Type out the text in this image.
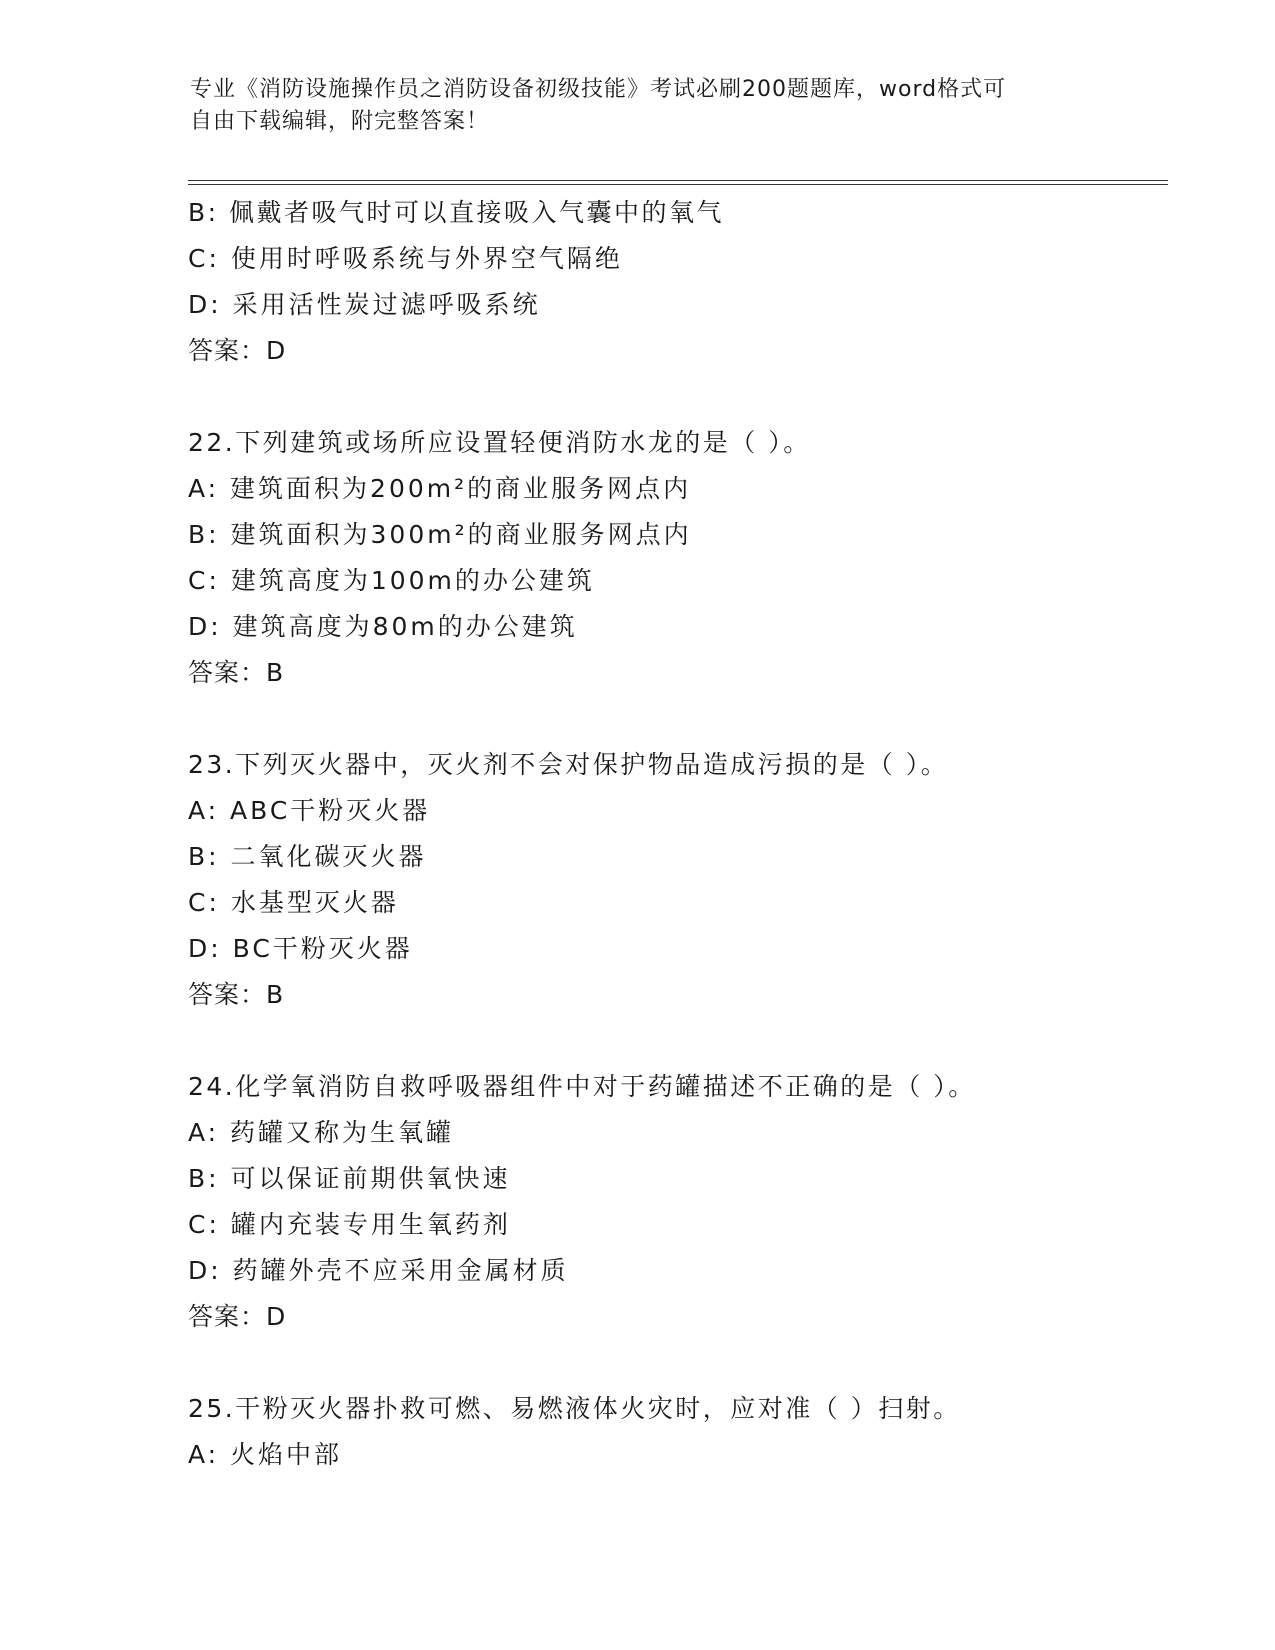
专业《消防设施操作员之消防设备初级技能》考试必刷200题题库，word格式可
自由下载编辑，附完整答案！
B: 佩戴者吸气时可以直接吸入气囊中的氧气
C: 使用时呼吸系统与外界空气隔绝
D: 采用活性炭过滤呼吸系统
答案：D
22.下列建筑或场所应设置轻便消防水龙的是（ ）。
A: 建筑面积为200m²的商业服务网点内
B: 建筑面积为300m²的商业服务网点内
C: 建筑高度为100m的办公建筑
D: 建筑高度为80m的办公建筑
答案：B
23.下列灭火器中，灭火剂不会对保护物品造成污损的是（ ）。
A: ABC干粉灭火器
B: 二氧化碳灭火器
C: 水基型灭火器
D: BC干粉灭火器
答案：B
24.化学氧消防自救呼吸器组件中对于药罐描述不正确的是（ ）。
A: 药罐又称为生氧罐
B: 可以保证前期供氧快速
C: 罐内充装专用生氧药剂
D: 药罐外壳不应采用金属材质
答案：D
25.干粉灭火器扑救可燃、易燃液体火灾时，应对准（ ）扫射。
A: 火焰中部
